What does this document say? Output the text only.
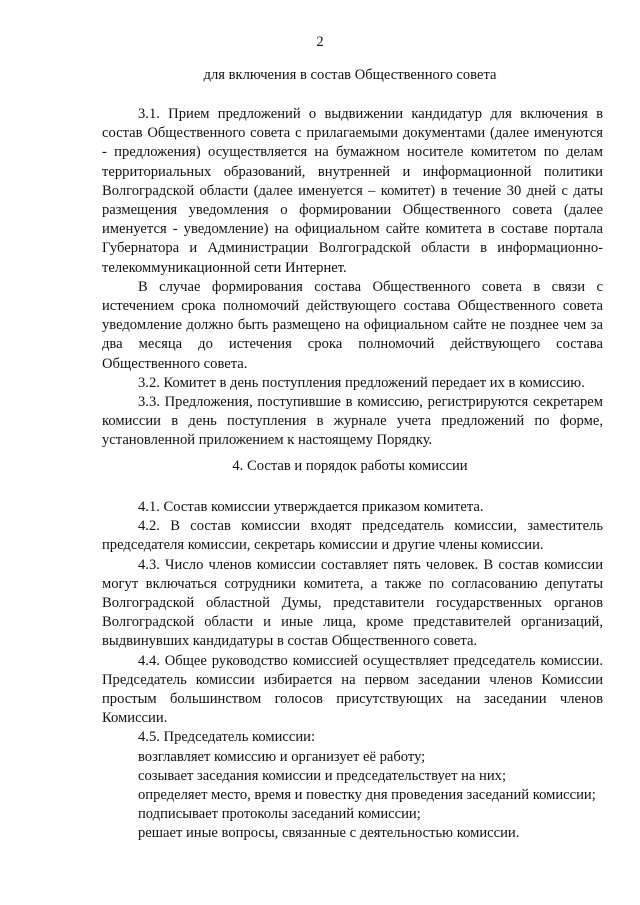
2
для включения в состав Общественного совета

3.1. Прием предложений о выдвижении кандидатур для включения в состав Общественного совета с прилагаемыми документами (далее именуются - предложения) осуществляется на бумажном носителе комитетом по делам территориальных образований, внутренней и информационной политики Волгоградской области (далее именуется – комитет) в течение 30 дней с даты размещения уведомления о формировании Общественного совета (далее именуется - уведомление) на официальном сайте комитета в составе портала Губернатора и Администрации Волгоградской области в информационно-телекоммуникационной сети Интернет.

В случае формирования состава Общественного совета в связи с истечением срока полномочий действующего состава Общественного совета уведомление должно быть размещено на официальном сайте не позднее чем за два месяца до истечения срока полномочий действующего состава Общественного совета.

3.2. Комитет в день поступления предложений передает их в комиссию.

3.3. Предложения, поступившие в комиссию, регистрируются секретарем комиссии в день поступления в журнале учета предложений по форме, установленной приложением к настоящему Порядку.

4. Состав и порядок работы комиссии

4.1. Состав комиссии утверждается приказом комитета.

4.2. В состав комиссии входят председатель комиссии, заместитель председателя комиссии, секретарь комиссии и другие члены комиссии.

4.3. Число членов комиссии составляет пять человек. В состав комиссии могут включаться сотрудники комитета, а также по согласованию депутаты Волгоградской областной Думы, представители государственных органов Волгоградской области и иные лица, кроме представителей организаций, выдвинувших кандидатуры в состав Общественного совета.

4.4. Общее руководство комиссией осуществляет председатель комиссии. Председатель комиссии избирается на первом заседании членов Комиссии простым большинством голосов присутствующих на заседании членов Комиссии.

4.5. Председатель комиссии:

возглавляет комиссию и организует её работу;

созывает заседания комиссии и председательствует на них;

определяет место, время и повестку дня проведения заседаний комиссии;

подписывает протоколы заседаний комиссии;

решает иные вопросы, связанные с деятельностью комиссии.
